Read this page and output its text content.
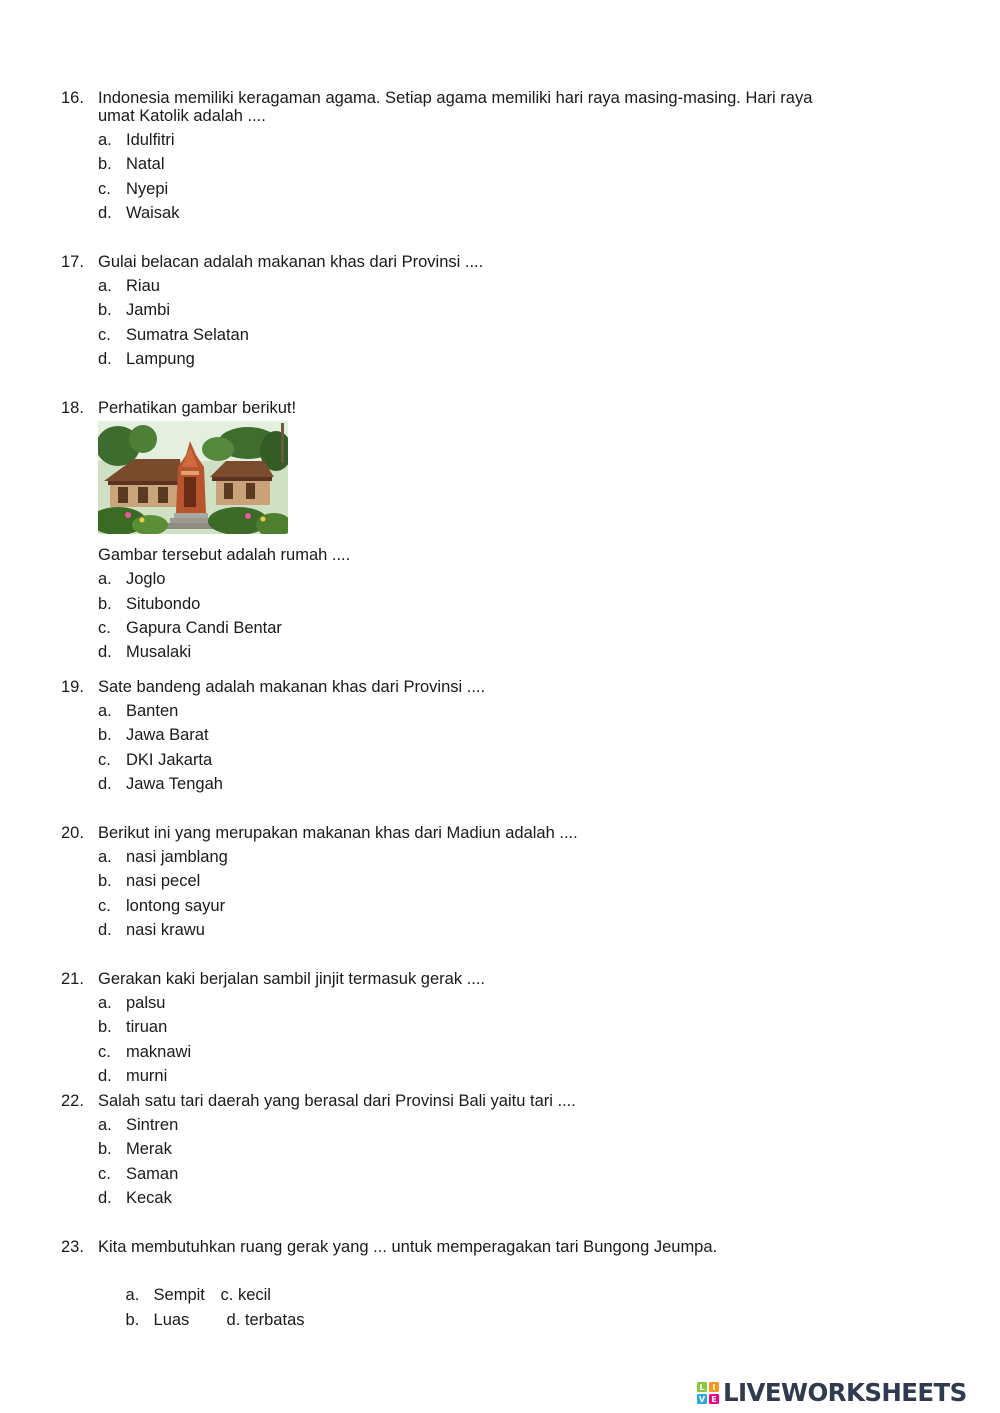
16. Indonesia memiliki keragaman agama. Setiap agama memiliki hari raya masing-masing. Hari raya
umat Katolik adalah ....
a. Idulfitri
b. Natal
c. Nyepi
d. Waisak
17. Gulai belacan adalah makanan khas dari Provinsi ....
a. Riau
b. Jambi
c. Sumatra Selatan
d. Lampung
18. Perhatikan gambar berikut!
Gambar tersebut adalah rumah ....
a. Joglo
b. Situbondo
c. Gapura Candi Bentar
d. Musalaki
19. Sate bandeng adalah makanan khas dari Provinsi ....
a. Banten
b. Jawa Barat
c. DKI Jakarta
d. Jawa Tengah
20. Berikut ini yang merupakan makanan khas dari Madiun adalah ....
a. nasi jamblang
b. nasi pecel
c. lontong sayur
d. nasi krawu
21. Gerakan kaki berjalan sambil jinjit termasuk gerak ....
a. palsu
b. tiruan
c. maknawi
d. murni
22. Salah satu tari daerah yang berasal dari Provinsi Bali yaitu tari ....
a. Sintren
b. Merak
c. Saman
d. Kecak
23. Kita membutuhkan ruang gerak yang ... untuk memperagakan tari Bungong Jeumpa.

a. Sempit c. kecil

b. Luas d. terbatas

L I
V E LIVEWORKSHEETS
